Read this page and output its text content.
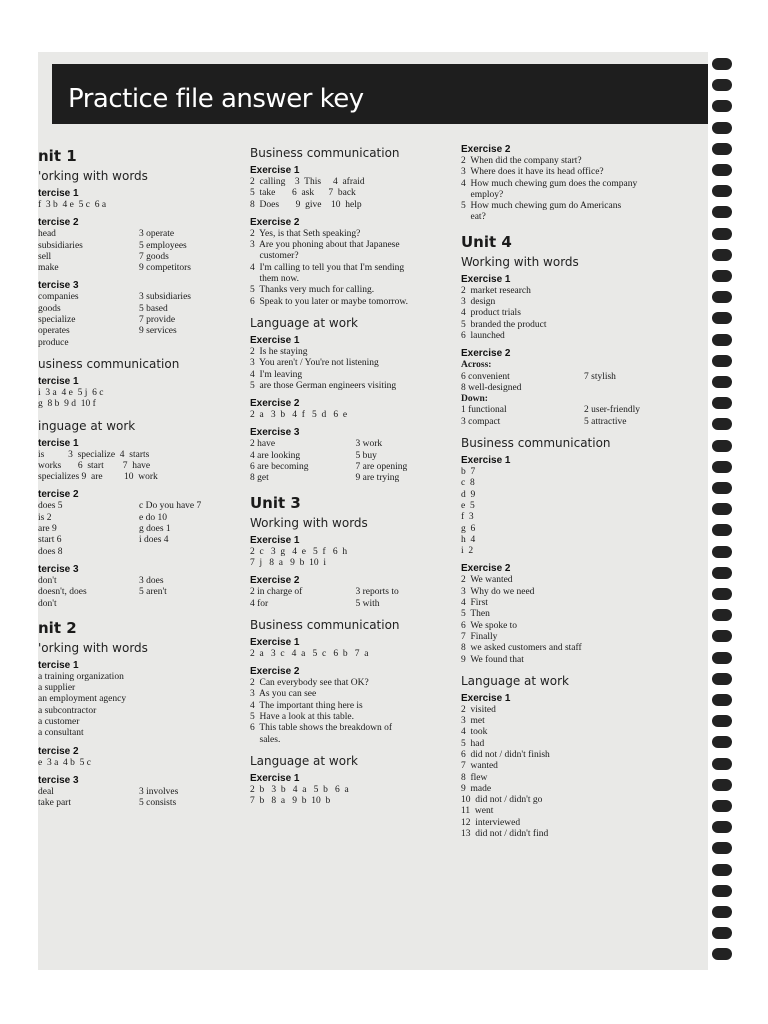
Practice file answer key
nit 1
'orking with words
tercise 1
f  3 b  4 e  5 c  6 a
tercise 2
head	3 operate
subsidiaries	5 employees
sell	7 goods
make	9 competitors
tercise 3
companies	3 subsidiaries
goods	5 based
specialize	7 provide
operates	9 services
produce
usiness communication
tercise 1
i  3 a  4 e  5 j  6 c
g  8 b  9 d  10 f
inguage at work
tercise 1
is          3  specialize  4  starts
works       6  start        7  have
specializes 9  are         10  work
tercise 2
does 5	c Do you have 7
is 2	e do 10
are 9	g does 1
start 6	i does 4
does 8
tercise 3
don't	3 does
doesn't, does	5 aren't
don't
nit 2
'orking with words
tercise 1
a training organization
a supplier
an employment agency
a subcontractor
a customer
a consultant
tercise 2
e  3 a  4 b  5 c
tercise 3
deal	3 involves
take part	5 consists
Business communication
Exercise 1
2  calling    3  This     4  afraid
5  take       6  ask      7  back
8  Does       9  give    10  help
Exercise 2
2  Yes, is that Seth speaking?
3  Are you phoning about that Japanese
customer?
4  I'm calling to tell you that I'm sending
them now.
5  Thanks very much for calling.
6  Speak to you later or maybe tomorrow.
Language at work
Exercise 1
2  Is he staying
3  You aren't / You're not listening
4  I'm leaving
5  are those German engineers visiting
Exercise 2
2  a   3  b   4  f   5  d   6  e
Exercise 3
2 have	3 work
4 are looking	5 buy
6 are becoming	7 are opening
8 get	9 are trying
Unit 3
Working with words
Exercise 1
2  c   3  g   4  e   5  f   6  h
7  j   8  a   9  b  10  i
Exercise 2
2 in charge of	3 reports to
4 for	5 with
Business communication
Exercise 1
2  a   3  c   4  a   5  c   6  b   7  a
Exercise 2
2  Can everybody see that OK?
3  As you can see
4  The important thing here is
5  Have a look at this table.
6  This table shows the breakdown of
sales.
Language at work
Exercise 1
2  b   3  b   4  a   5  b   6  a
7  b   8  a   9  b  10  b
Exercise 2
2  When did the company start?
3  Where does it have its head office?
4  How much chewing gum does the company
employ?
5  How much chewing gum do Americans
eat?
Unit 4
Working with words
Exercise 1
2  market research
3  design
4  product trials
5  branded the product
6  launched
Exercise 2
Across:
6 convenient	7 stylish
8 well-designed
Down:
1 functional	2 user-friendly
3 compact	5 attractive
Business communication
Exercise 1
b  7
c  8
d  9
e  5
f  3
g  6
h  4
i  2
Exercise 2
2  We wanted
3  Why do we need
4  First
5  Then
6  We spoke to
7  Finally
8  we asked customers and staff
9  We found that
Language at work
Exercise 1
2  visited
3  met
4  took
5  had
6  did not / didn't finish
7  wanted
8  flew
9  made
10  did not / didn't go
11  went
12  interviewed
13  did not / didn't find
